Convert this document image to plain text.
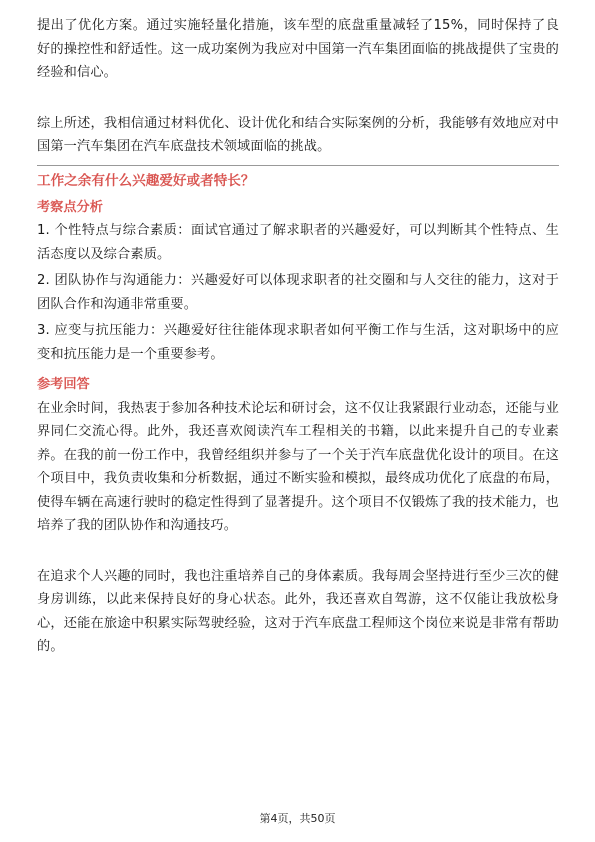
提出了优化方案。通过实施轻量化措施，该车型的底盘重量减轻了15%，同时保持了良好的操控性和舒适性。这一成功案例为我应对中国第一汽车集团面临的挑战提供了宝贵的经验和信心。

综上所述，我相信通过材料优化、设计优化和结合实际案例的分析，我能够有效地应对中国第一汽车集团在汽车底盘技术领域面临的挑战。

工作之余有什么兴趣爱好或者特长？
考察点分析

1. 个性特点与综合素质：面试官通过了解求职者的兴趣爱好，可以判断其个性特点、生活态度以及综合素质。

2. 团队协作与沟通能力：兴趣爱好可以体现求职者的社交圈和与人交往的能力，这对于团队合作和沟通非常重要。

3. 应变与抗压能力：兴趣爱好往往能体现求职者如何平衡工作与生活，这对职场中的应变和抗压能力是一个重要参考。

参考回答

在业余时间，我热衷于参加各种技术论坛和研讨会，这不仅让我紧跟行业动态，还能与业界同仁交流心得。此外，我还喜欢阅读汽车工程相关的书籍，以此来提升自己的专业素养。在我的前一份工作中，我曾经组织并参与了一个关于汽车底盘优化设计的项目。在这个项目中，我负责收集和分析数据，通过不断实验和模拟，最终成功优化了底盘的布局，使得车辆在高速行驶时的稳定性得到了显著提升。这个项目不仅锻炼了我的技术能力，也培养了我的团队协作和沟通技巧。

在追求个人兴趣的同时，我也注重培养自己的身体素质。我每周会坚持进行至少三次的健身房训练，以此来保持良好的身心状态。此外，我还喜欢自驾游，这不仅能让我放松身心，还能在旅途中积累实际驾驶经验，这对于汽车底盘工程师这个岗位来说是非常有帮助的。

第4页，共50页
